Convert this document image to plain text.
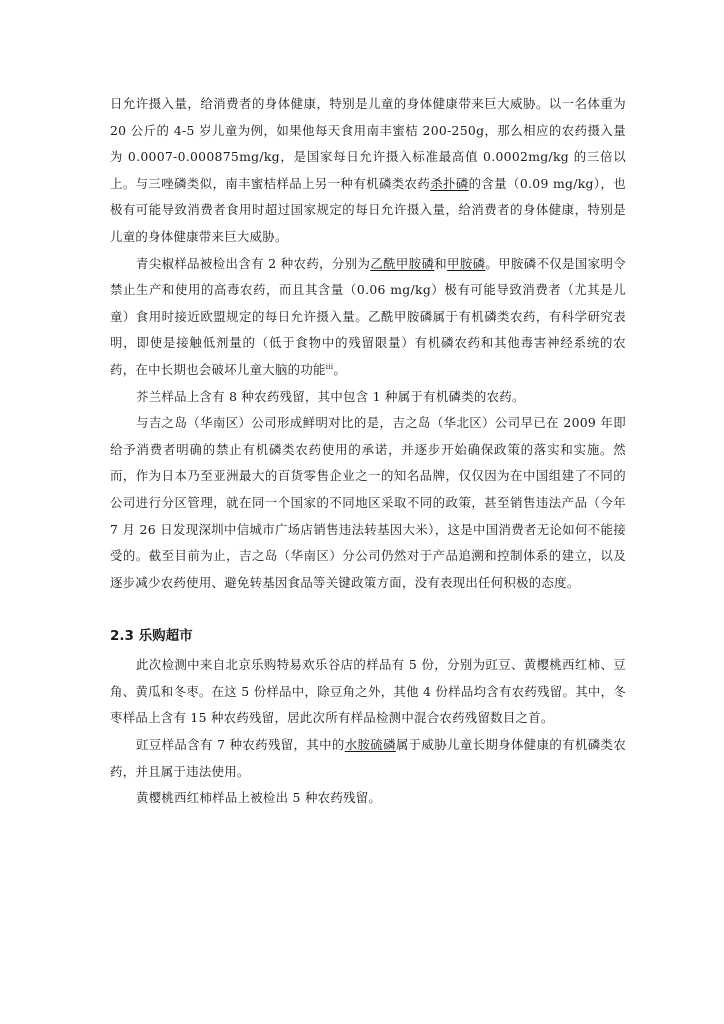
日允许摄入量，给消费者的身体健康，特别是儿童的身体健康带来巨大威胁。以一名体重为 20 公斤的 4-5 岁儿童为例，如果他每天食用南丰蜜桔 200-250g，那么相应的农药摄入量为 0.0007-0.000875mg/kg，是国家每日允许摄入标准最高值 0.0002mg/kg 的三倍以上。与三唑磷类似，南丰蜜桔样品上另一种有机磷类农药杀扑磷的含量（0.09 mg/kg），也极有可能导致消费者食用时超过国家规定的每日允许摄入量，给消费者的身体健康，特别是儿童的身体健康带来巨大威胁。

青尖椒样品被检出含有 2 种农药，分别为乙酰甲胺磷和甲胺磷。甲胺磷不仅是国家明令禁止生产和使用的高毒农药，而且其含量（0.06 mg/kg）极有可能导致消费者（尤其是儿童）食用时接近欧盟规定的每日允许摄入量。乙酰甲胺磷属于有机磷类农药，有科学研究表明，即使是接触低剂量的（低于食物中的残留限量）有机磷农药和其他毒害神经系统的农药，在中长期也会破坏儿童大脑的功能$^{iii}$。

芥兰样品上含有 8 种农药残留，其中包含 1 种属于有机磷类的农药。

与吉之岛（华南区）公司形成鲜明对比的是，吉之岛（华北区）公司早已在 2009 年即给予消费者明确的禁止有机磷类农药使用的承诺，并逐步开始确保政策的落实和实施。然而，作为日本乃至亚洲最大的百货零售企业之一的知名品牌，仅仅因为在中国组建了不同的公司进行分区管理，就在同一个国家的不同地区采取不同的政策，甚至销售违法产品（今年 7 月 26 日发现深圳中信城市广场店销售违法转基因大米），这是中国消费者无论如何不能接受的。截至目前为止，吉之岛（华南区）分公司仍然对于产品追溯和控制体系的建立，以及逐步减少农药使用、避免转基因食品等关键政策方面，没有表现出任何积极的态度。

2.3 乐购超市

此次检测中来自北京乐购特易欢乐谷店的样品有 5 份，分别为豇豆、黄樱桃西红柿、豆角、黄瓜和冬枣。在这 5 份样品中，除豆角之外，其他 4 份样品均含有农药残留。其中，冬枣样品上含有 15 种农药残留，居此次所有样品检测中混合农药残留数目之首。

豇豆样品含有 7 种农药残留，其中的水胺硫磷属于威胁儿童长期身体健康的有机磷类农药，并且属于违法使用。

黄樱桃西红柿样品上被检出 5 种农药残留。
